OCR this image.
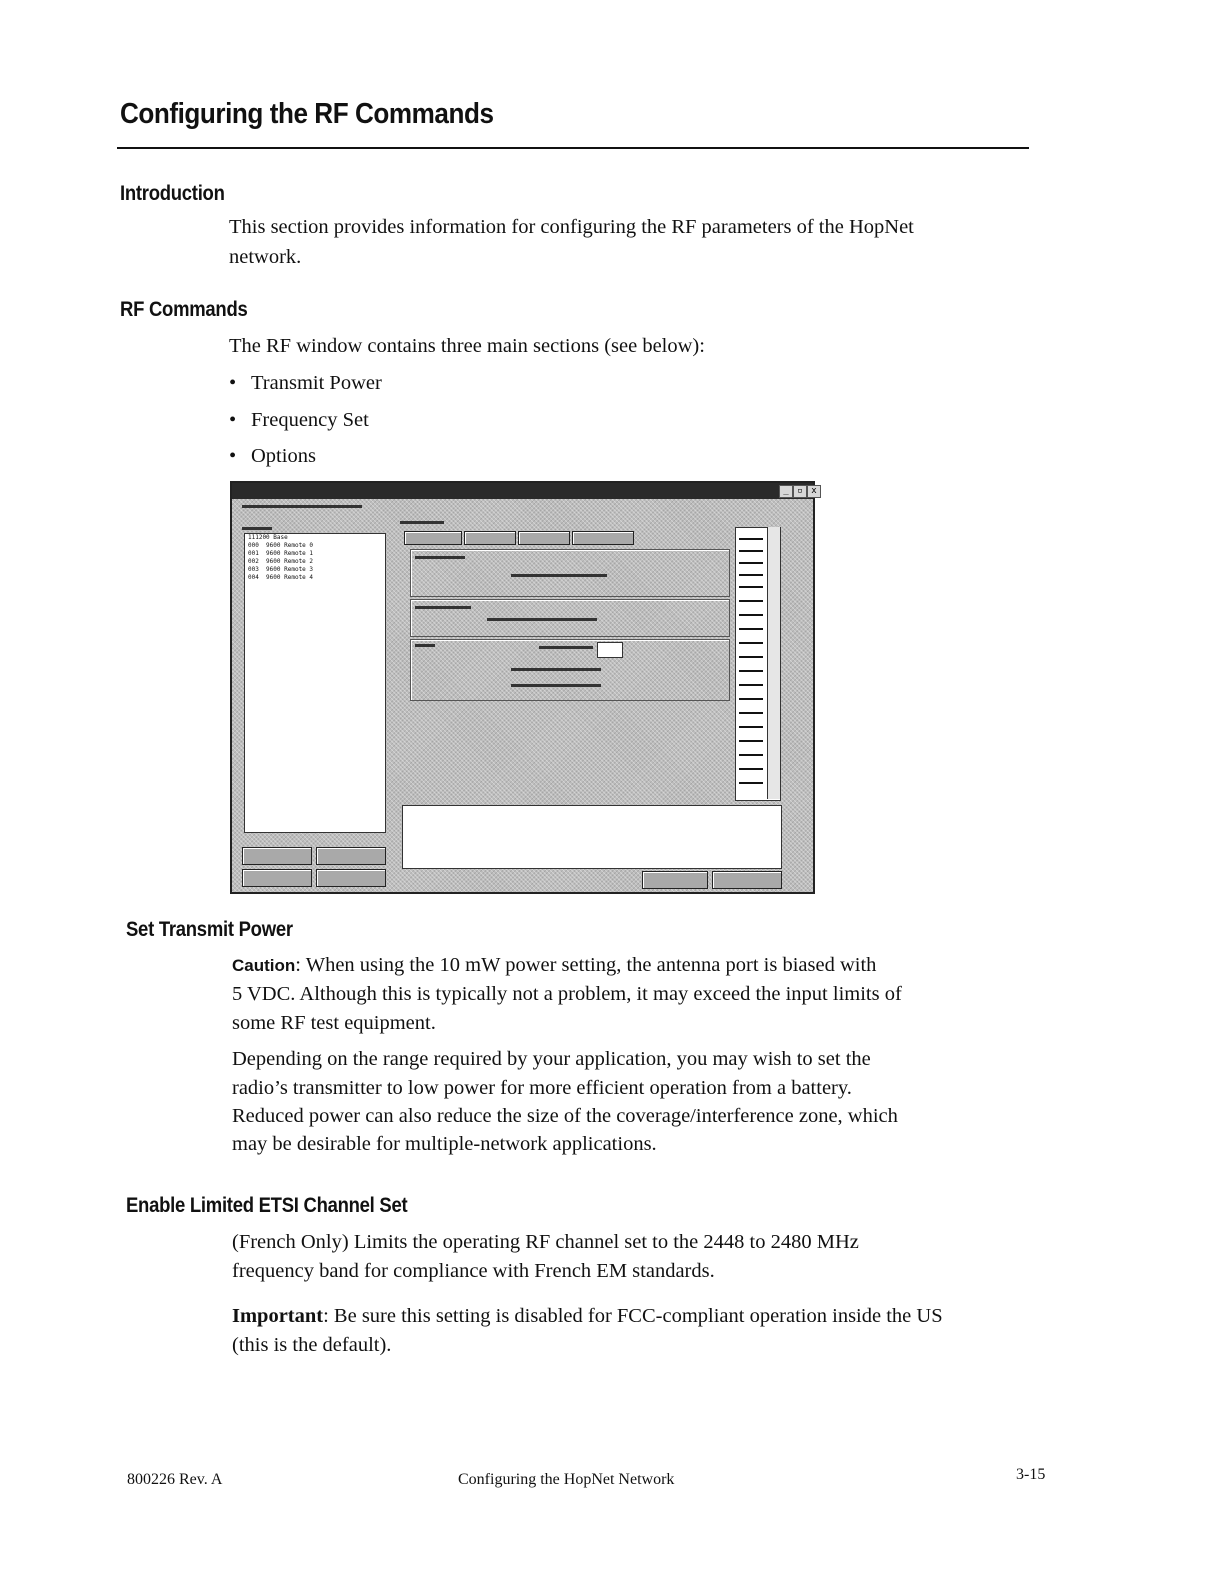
Configuring the RF Commands
Introduction
This section provides information for configuring the RF parameters of the HopNet
network.
RF Commands
The RF window contains three main sections (see below):
• Transmit Power
• Frequency Set
• Options
_ ▫ x
111200 Base
000  9600 Remote 0
001  9600 Remote 1
002  9600 Remote 2
003  9600 Remote 3
004  9600 Remote 4
Set Transmit Power
Caution: When using the 10 mW power setting, the antenna port is biased with
5 VDC. Although this is typically not a problem, it may exceed the input limits of
some RF test equipment.
Depending on the range required by your application, you may wish to set the
radio’s transmitter to low power for more efficient operation from a battery.
Reduced power can also reduce the size of the coverage/interference zone, which
may be desirable for multiple-network applications.
Enable Limited ETSI Channel Set
(French Only) Limits the operating RF channel set to the 2448 to 2480 MHz
frequency band for compliance with French EM standards.
Important: Be sure this setting is disabled for FCC-compliant operation inside the US
(this is the default).
800226 Rev. A	Configuring the HopNet Network	3-15
